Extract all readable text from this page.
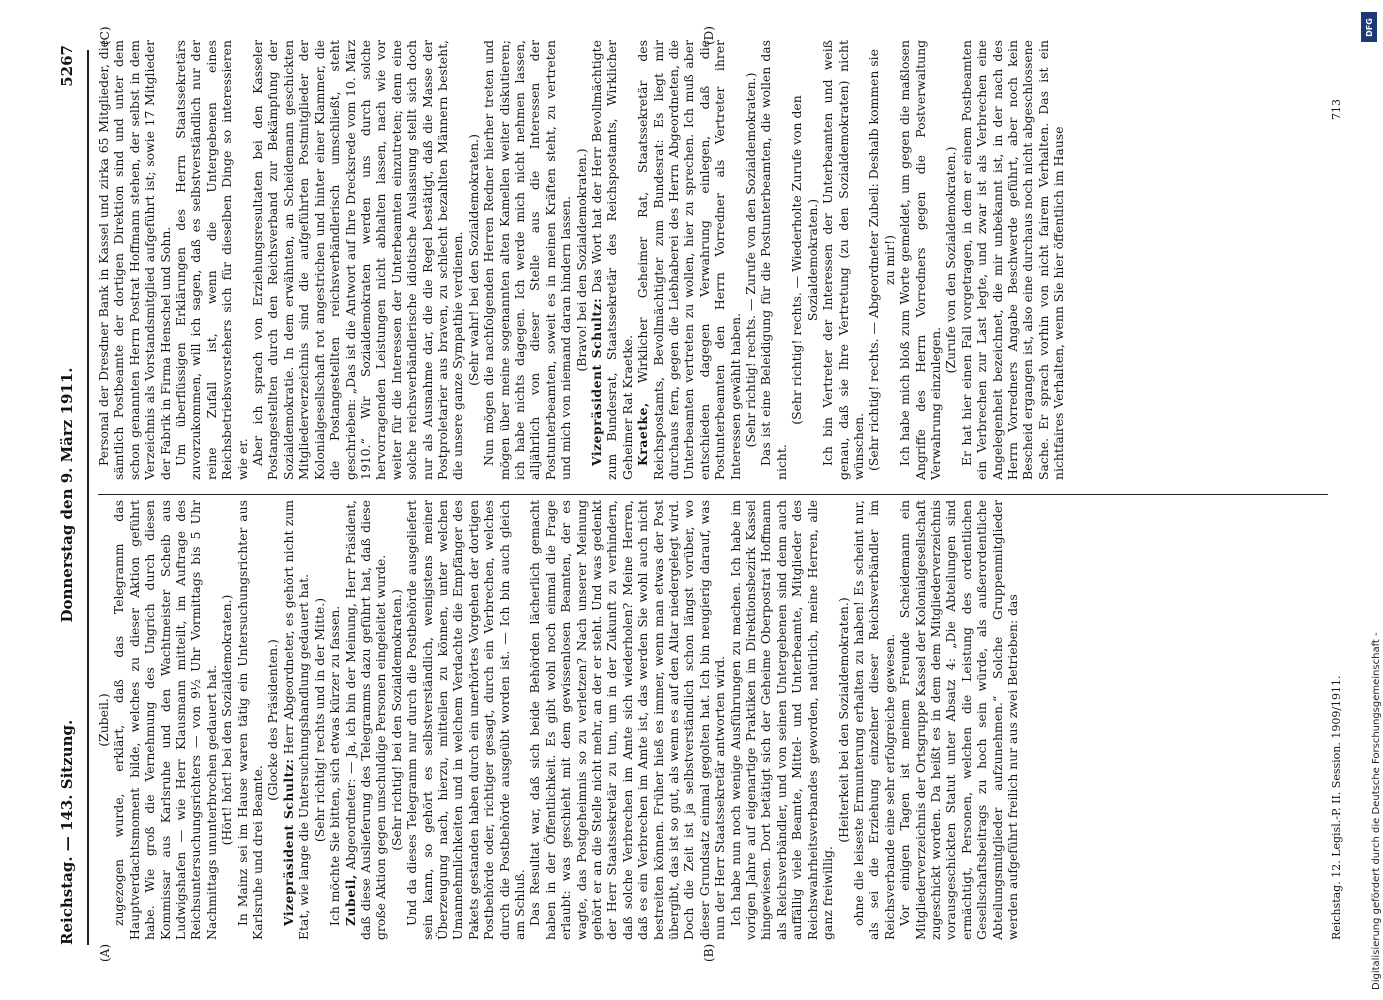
Reichstag. — 143. Sitzung.
Donnerstag den 9. März 1911.
5267
(A)	(B)
(C)	(D)

(Zubeil.) zugezogen wurde, erklärt, daß das Telegramm das Hauptverdachtsmoment bilde, welches zu dieser Aktion geführt habe. Wie groß die Vernehmung des Ungrich durch diesen Kommissar aus Karlsruhe und den Wachtmeister Scheib aus Ludwigshafen — wie Herr Klausmann mitteilt, im Auftrage des Reichsuntersuchungsrichters — von 9½ Uhr Vormittags bis 5 Uhr Nachmittags ununterbrochen gedauert hat. (Hört! hört! bei den Sozialdemokraten.) In Mainz sei im Hause waren tätig ein Untersuchungsrichter aus Karlsruhe und drei Beamte.

(Glocke des Präsidenten.)

Vizepräsident Schultz: Herr Abgeordneter, es gehört nicht zum Etat, wie lange die Untersuchungshandlung gedauert hat. (Sehr richtig! rechts und in der Mitte.) Ich möchte Sie bitten, sich etwas kürzer zu fassen. Zubeil, Abgeordneter: — Ja, ich bin der Meinung, Herr Präsident, daß diese Auslieferung des Telegramms dazu geführt hat, daß diese große Aktion gegen unschuldige Personen eingeleitet wurde. (Sehr richtig! bei den Sozialdemokraten.) Und da dieses Telegramm nur durch die Postbehörde ausgeliefert sein kann, so gehört es selbstverständlich, wenigstens meiner Überzeugung nach, hierzu, mitteilen zu können, unter welchen Umannehmlichkeiten und in welchem Verdachte die Empfänger des Pakets gestanden haben durch ein unerhörtes Vorgehen der dortigen Postbehörde oder, richtiger gesagt, durch ein Verbrechen, welches durch die Postbehörde ausgeübt worden ist. — Ich bin auch gleich am Schluß. Das Resultat war, daß sich beide Behörden lächerlich gemacht haben in der Öffentlichkeit. Es gibt wohl noch einmal die Frage erlaubt: was geschieht mit dem gewissenlosen Beamten, der es wagte, das Postgeheimnis so zu verletzen? Nach unserer Meinung gehört er an die Stelle nicht mehr, an der er steht. Und was gedenkt der Herr Staatssekretär zu tun, um in der Zukunft zu verhindern, daß solche Verbrechen im Amte sich wiederholen? Meine Herren, daß es ein Verbrechen im Amte ist, das werden Sie wohl auch nicht bestreiten können. Früher hieß es immer, wenn man etwas der Post übergibt, das ist so gut, als wenn es auf den Altar niedergelegt wird. Doch die Zeit ist ja selbstverständlich schon längst vorüber, wo dieser Grundsatz einmal gegolten hat. Ich bin neugierig darauf, was nun der Herr Staatssekretär antworten wird. Ich habe nun noch wenige Ausführungen zu machen. Ich habe im vorigen Jahre auf eigenartige Praktiken im Direktionsbezirk Kassel hingewiesen. Dort betätigt sich der Geheime Oberpostrat Hoffmann als Reichsverbändler, und von seinen Untergebenen sind denn auch auffällig viele Beamte, Mittel- und Unterbeamte, Mitglieder des Reichswahrheitsverbandes geworden, natürlich, meine Herren, alle ganz freiwillig.

(Heiterkeit bei den Sozialdemokraten.) ohne die leiseste Ermunterung erhalten zu haben! Es scheint nur, als sei die Erziehung einzelner dieser Reichsverbändler im Reichsverbande eine sehr erfolgreiche gewesen. Vor einigen Tagen ist meinem Freunde Scheidemann ein Mitgliederverzeichnis der Ortsgruppe Kassel der Kolonialgesellschaft zugeschickt worden. Da heißt es in dem dem Mitgliederverzeichnis vorausgeschickten Statut unter Absatz 4: „Die Abteilungen sind ermächtigt, Personen, welchen die Leistung des ordentlichen Gesellschaftsbeitrags zu hoch sein würde, als außerordentliche Abteilungsmitglieder aufzunehmen.“ Solche Gruppenmitglieder werden aufgeführt freilich nur aus zwei Betrieben: das

Personal der Dresdner Bank in Kassel und zirka 65 Mitglieder, die sämtlich Postbeamte der dortigen Direktion sind und unter dem schon genannten Herrn Postrat Hoffmann stehen, der selbst in dem Verzeichnis als Vorstandsmitglied aufgeführt ist; sowie 17 Mitglieder der Fabrik in Firma Henschel und Sohn. Um überflüssigen Erklärungen des Herrn Staatssekretärs zuvorzukommen, will ich sagen, daß es selbstverständlich nur der reine Zufall ist, wenn die Untergebenen eines Reichsbetriebsvorstehers sich für dieselben Dinge so interessieren wie er. Aber ich sprach von Erziehungsresultaten bei den Kasseler Postangestellten durch den Reichsverband zur Bekämpfung der Sozialdemokratie. In dem erwähnten, an Scheidemann geschickten Mitgliederverzeichnis sind die aufgeführten Postmitglieder der Kolonialgesellschaft rot angestrichen und hinter einer Klammer, die die Postangestellten reichsverbändlerisch umschließt, steht geschrieben: „Das ist die Antwort auf Ihre Drecksrede vom 10. März 1910.“ Wir Sozialdemokraten werden uns durch solche hervorragenden Leistungen nicht abhalten lassen, nach wie vor weiter für die Interessen der Unterbeamten einzutreten; denn eine solche reichsverbändlerische idiotische Auslassung stellt sich doch nur als Ausnahme dar, die die Regel bestätigt, daß die Masse der Postproletarier aus braven, zu schlecht bezahlten Männern besteht, die unsere ganze Sympathie verdienen. (Sehr wahr! bei den Sozialdemokraten.) Nun mögen die nachfolgenden Herren Redner hierher treten und mögen über meine sogenannten alten Kamellen weiter diskutieren; ich habe nichts dagegen. Ich werde mich nicht nehmen lassen, alljährlich von dieser Stelle aus die Interessen der Postunterbeamten, soweit es in meinen Kräften steht, zu vertreten und mich von niemand daran hindern lassen. (Bravo! bei den Sozialdemokraten.)

Vizepräsident Schultz: Das Wort hat der Herr Bevollmächtigte zum Bundesrat, Staatssekretär des Reichspostamts, Wirklicher Geheimer Rat Kraetke. Kraetke, Wirklicher Geheimer Rat, Staatssekretär des Reichspostamts, Bevollmächtigter zum Bundesrat: Es liegt mir durchaus fern, gegen die Liebhaberei des Herrn Abgeordneten, die Unterbeamten vertreten zu wollen, hier zu sprechen. Ich muß aber entschieden dagegen Verwahrung einlegen, daß die Postunterbeamten den Herrn Vorredner als Vertreter ihrer Interessen gewählt haben. (Sehr richtig! rechts. — Zurufe von den Sozialdemokraten.) Das ist eine Beleidigung für die Postunterbeamten, die wollen das nicht.

(Sehr richtig! rechts. — Wiederholte Zurufe von den Sozialdemokraten.) Ich bin Vertreter der Interessen der Unterbeamten und weiß genau, daß sie Ihre Vertretung (zu den Sozialdemokraten) nicht wünschen. (Sehr richtig! rechts. — Abgeordneter Zubeil: Deshalb kommen sie zu mir!) Ich habe mich bloß zum Worte gemeldet, um gegen die maßlosen Angriffe des Herrn Vorredners gegen die Postverwaltung Verwahrung einzulegen.

(Zurufe von den Sozialdemokraten.) Er hat hier einen Fall vorgetragen, in dem er einem Postbeamten ein Verbrechen zur Last legte, und zwar ist als Verbrechen eine Angelegenheit bezeichnet, die mir unbekannt ist, in der nach des Herrn Vorredners Angabe Beschwerde geführt, aber noch kein Bescheid ergangen ist, also eine durchaus noch nicht abgeschlossene Sache. Er sprach vorhin von nicht fairem Verhalten. Das ist ein nichtfaires Verhalten, wenn Sie hier öffentlich im Hause

Reichstag. 12. Legisl.-P. II. Session. 1909/1911.
713
DFG
Digitalisierung gefördert durch die Deutsche Forschungsgemeinschaft -
